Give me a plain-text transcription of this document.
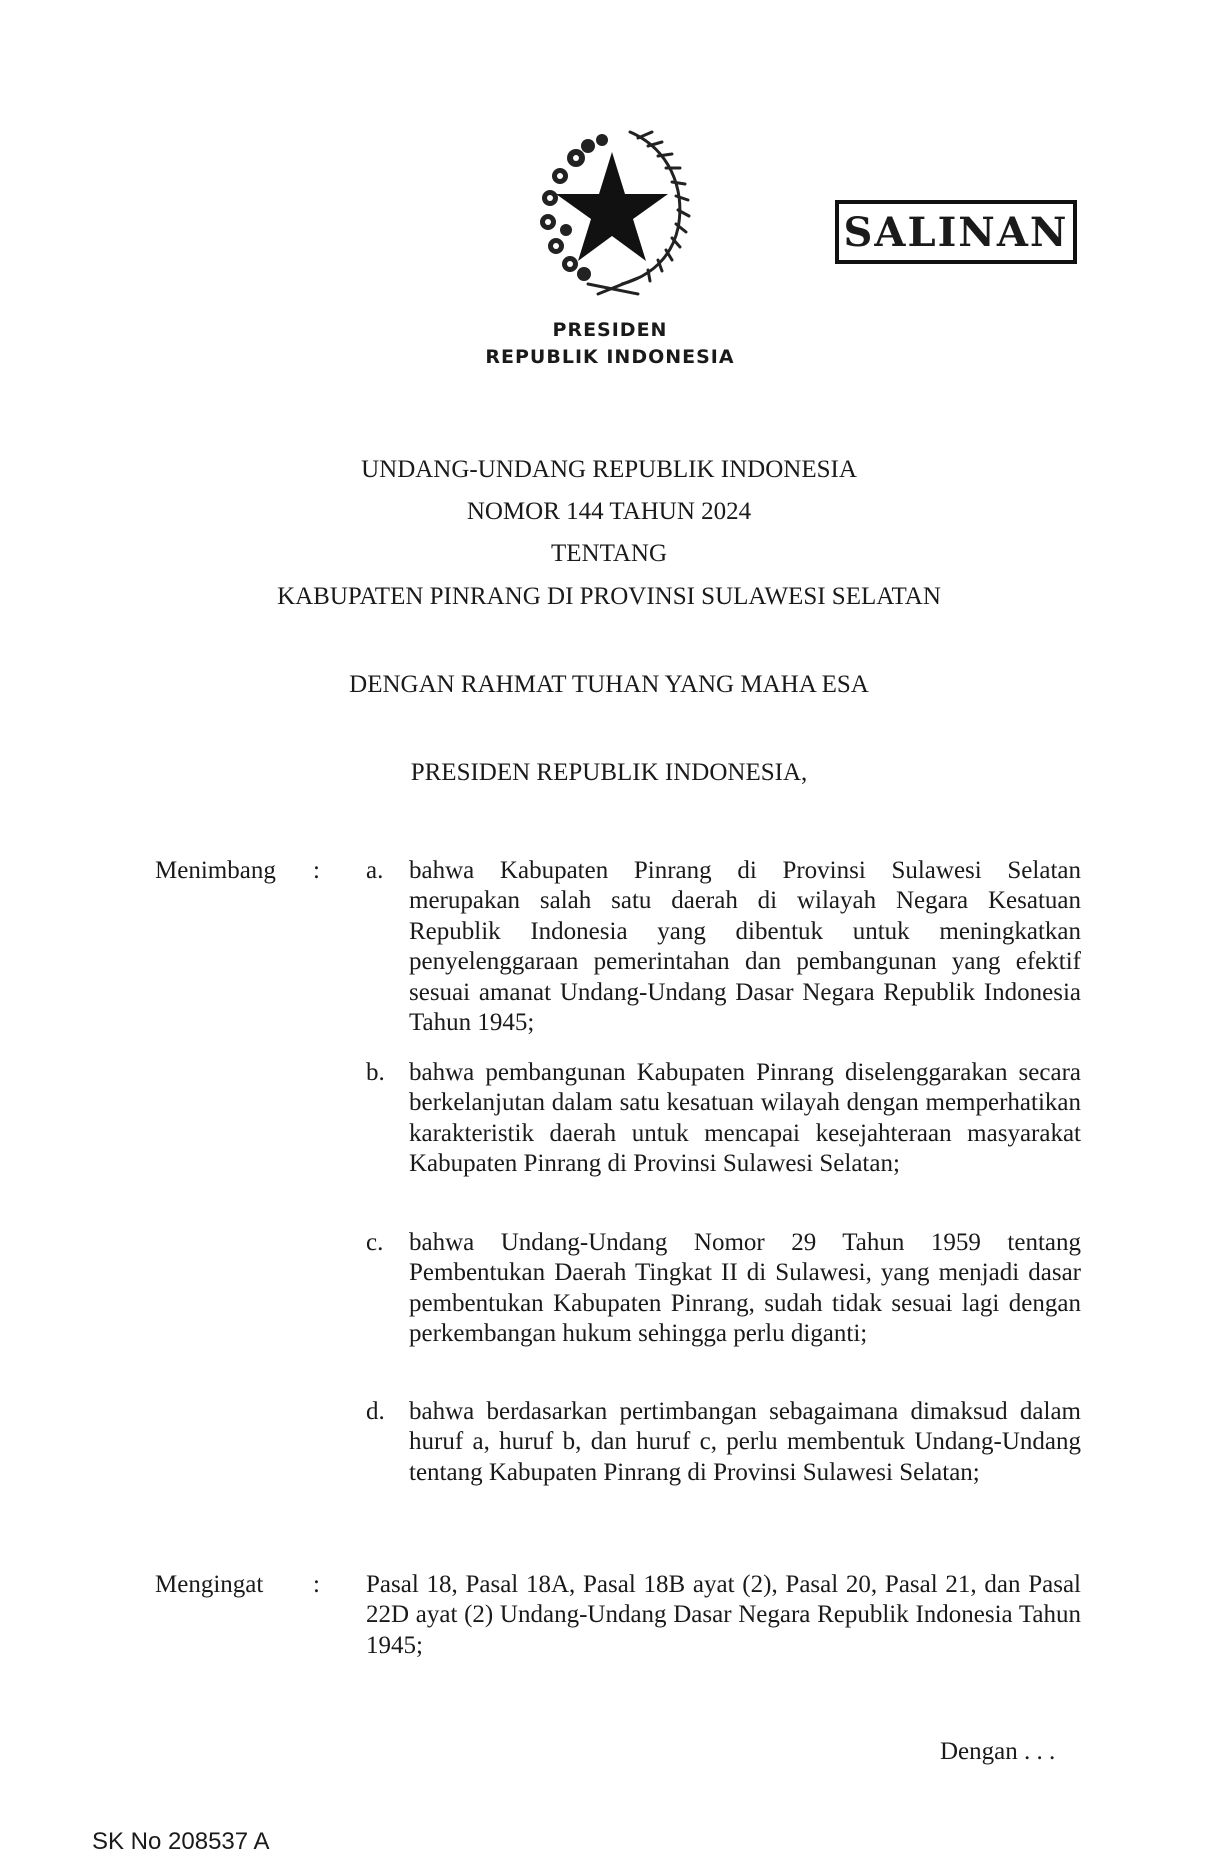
PRESIDEN
REPUBLIK INDONESIA
SALINAN
UNDANG-UNDANG REPUBLIK INDONESIA
NOMOR 144 TAHUN 2024
TENTANG
KABUPATEN PINRANG DI PROVINSI SULAWESI SELATAN
DENGAN RAHMAT TUHAN YANG MAHA ESA
PRESIDEN REPUBLIK INDONESIA,
Menimbang : a. bahwa Kabupaten Pinrang di Provinsi Sulawesi Selatan merupakan salah satu daerah di wilayah Negara Kesatuan Republik Indonesia yang dibentuk untuk meningkatkan penyelenggaraan pemerintahan dan pembangunan yang efektif sesuai amanat Undang-Undang Dasar Negara Republik Indonesia Tahun 1945;
b. bahwa pembangunan Kabupaten Pinrang diselenggarakan secara berkelanjutan dalam satu kesatuan wilayah dengan memperhatikan karakteristik daerah untuk mencapai kesejahteraan masyarakat Kabupaten Pinrang di Provinsi Sulawesi Selatan;
c. bahwa Undang-Undang Nomor 29 Tahun 1959 tentang Pembentukan Daerah Tingkat II di Sulawesi, yang menjadi dasar pembentukan Kabupaten Pinrang, sudah tidak sesuai lagi dengan perkembangan hukum sehingga perlu diganti;
d. bahwa berdasarkan pertimbangan sebagaimana dimaksud dalam huruf a, huruf b, dan huruf c, perlu membentuk Undang-Undang tentang Kabupaten Pinrang di Provinsi Sulawesi Selatan;
Mengingat : Pasal 18, Pasal 18A, Pasal 18B ayat (2), Pasal 20, Pasal 21, dan Pasal 22D ayat (2) Undang-Undang Dasar Negara Republik Indonesia Tahun 1945;
Dengan . . .
SK No 208537 A
